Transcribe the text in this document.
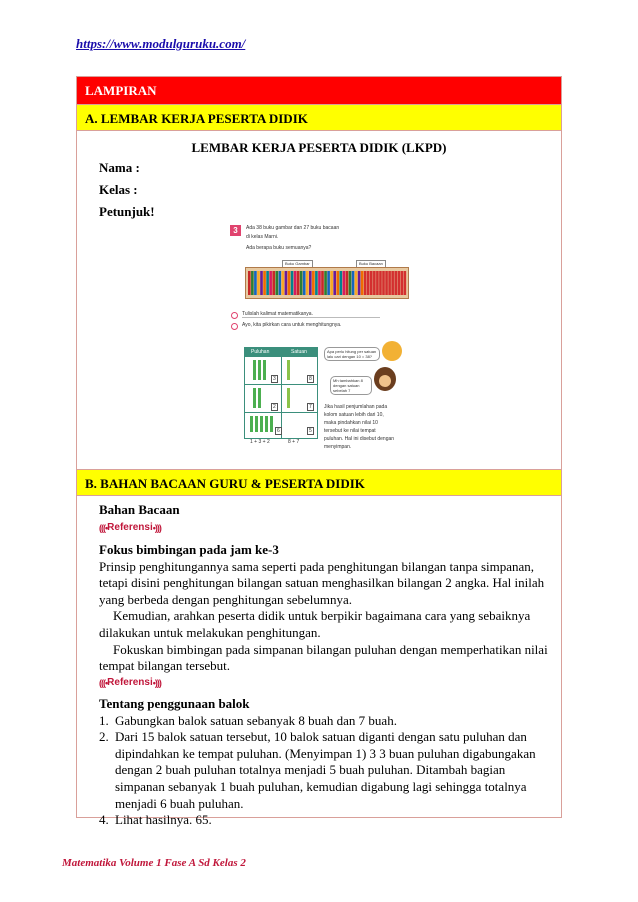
https://www.modulguruku.com/
LAMPIRAN
A. LEMBAR KERJA PESERTA DIDIK
LEMBAR KERJA PESERTA DIDIK (LKPD)
Nama :
Kelas :
Petunjuk!
3	Ada 38 buku gambar dan 27 buku bacaan
di kelas Marni.
Ada berapa buku semuanya?
Buku Gambar	Buku Bacaan
Tulislah kalimat matematikanya.
Ayo, kita pikirkan cara untuk menghitungnya.
Puluhan	Satuan
3	8
2	7
6	5
1 + 3 + 2	8 + 7
Apa perlu hitung per satuan lalu cari dengan 10 = 38?
Mh tambahkan 8 dengan satuan sebelah 7
Jika hasil penjumlahan pada kolom satuan lebih dari 10, maka pindahkan nilai 10 tersebut ke nilai tempat puluhan. Hal ini disebut dengan menyimpan.
B. BAHAN BACAAN GURU & PESERTA DIDIK
Bahan Bacaan
(((• Referensi •)))

Fokus bimbingan pada jam ke-3

Prinsip penghitungannya sama seperti pada penghitungan bilangan tanpa simpanan, tetapi disini penghitungan bilangan satuan menghasilkan bilangan 2 angka. Hal inilah yang berbeda dengan penghitungan sebelumnya.

Kemudian, arahkan peserta didik untuk berpikir bagaimana cara yang sebaiknya dilakukan untuk melakukan penghitungan.

Fokuskan bimbingan pada simpanan bilangan puluhan dengan memperhatikan nilai tempat bilangan tersebut.

(((• Referensi •)))
Tentang penggunaan balok
1. Gabungkan balok satuan sebanyak 8 buah dan 7 buah.
2. Dari 15 balok satuan tersebut, 10 balok satuan diganti dengan satu puluhan dan dipindahkan ke tempat puluhan. (Menyimpan 1) 3 3 buan puluhan digabungakan dengan 2 buah puluhan totalnya menjadi 5 buah puluhan. Ditambah bagian simpanan sebanyak 1 buah puluhan, kemudian digabung lagi sehingga totalnya menjadi 6 buah puluhan.
4. Lihat hasilnya. 65.
Matematika Volume 1 Fase A Sd Kelas 2
